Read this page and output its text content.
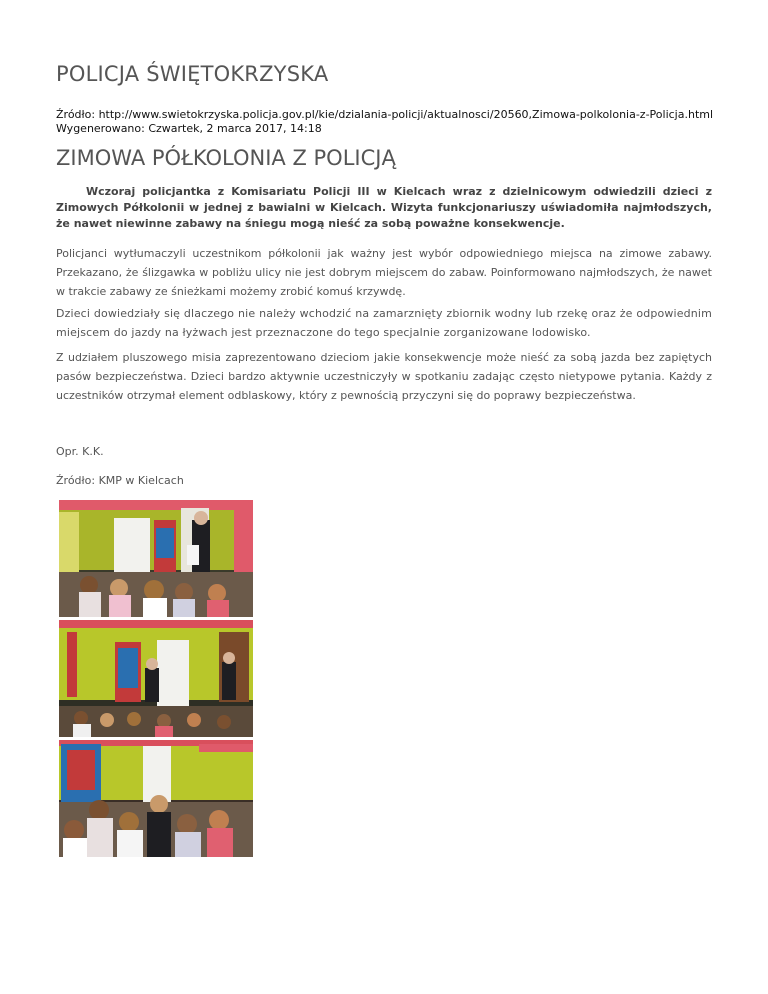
POLICJA ŚWIĘTOKRZYSKA
Źródło: http://www.swietokrzyska.policja.gov.pl/kie/dzialania-policji/aktualnosci/20560,Zimowa-polkolonia-z-Policja.html
Wygenerowano: Czwartek, 2 marca 2017, 14:18
ZIMOWA PÓŁKOLONIA Z POLICJĄ

Wczoraj policjantka z Komisariatu Policji III w Kielcach wraz z dzielnicowym odwiedzili dzieci z Zimowych Półkolonii w jednej z bawialni w Kielcach. Wizyta funkcjonariuszy uświadomiła najmłodszych, że nawet niewinne zabawy na śniegu mogą nieść za sobą poważne konsekwencje.

Policjanci wytłumaczyli uczestnikom półkolonii jak ważny jest wybór odpowiedniego miejsca na zimowe zabawy. Przekazano, że ślizgawka w pobliżu ulicy nie jest dobrym miejscem do zabaw. Poinformowano najmłodszych, że nawet w trakcie zabawy ze śnieżkami możemy zrobić komuś krzywdę.

Dzieci dowiedziały się dlaczego nie należy wchodzić na zamarznięty zbiornik wodny lub rzekę oraz że odpowiednim miejscem do jazdy na łyżwach jest przeznaczone do tego specjalnie zorganizowane lodowisko.

Z udziałem pluszowego misia zaprezentowano dzieciom jakie konsekwencje może nieść za sobą jazda bez zapiętych pasów bezpieczeństwa. Dzieci bardzo aktywnie uczestniczyły w spotkaniu zadając często nietypowe pytania. Każdy z uczestników otrzymał element odblaskowy, który z pewnością przyczyni się do poprawy bezpieczeństwa.

Opr. K.K.

Źródło: KMP w Kielcach
